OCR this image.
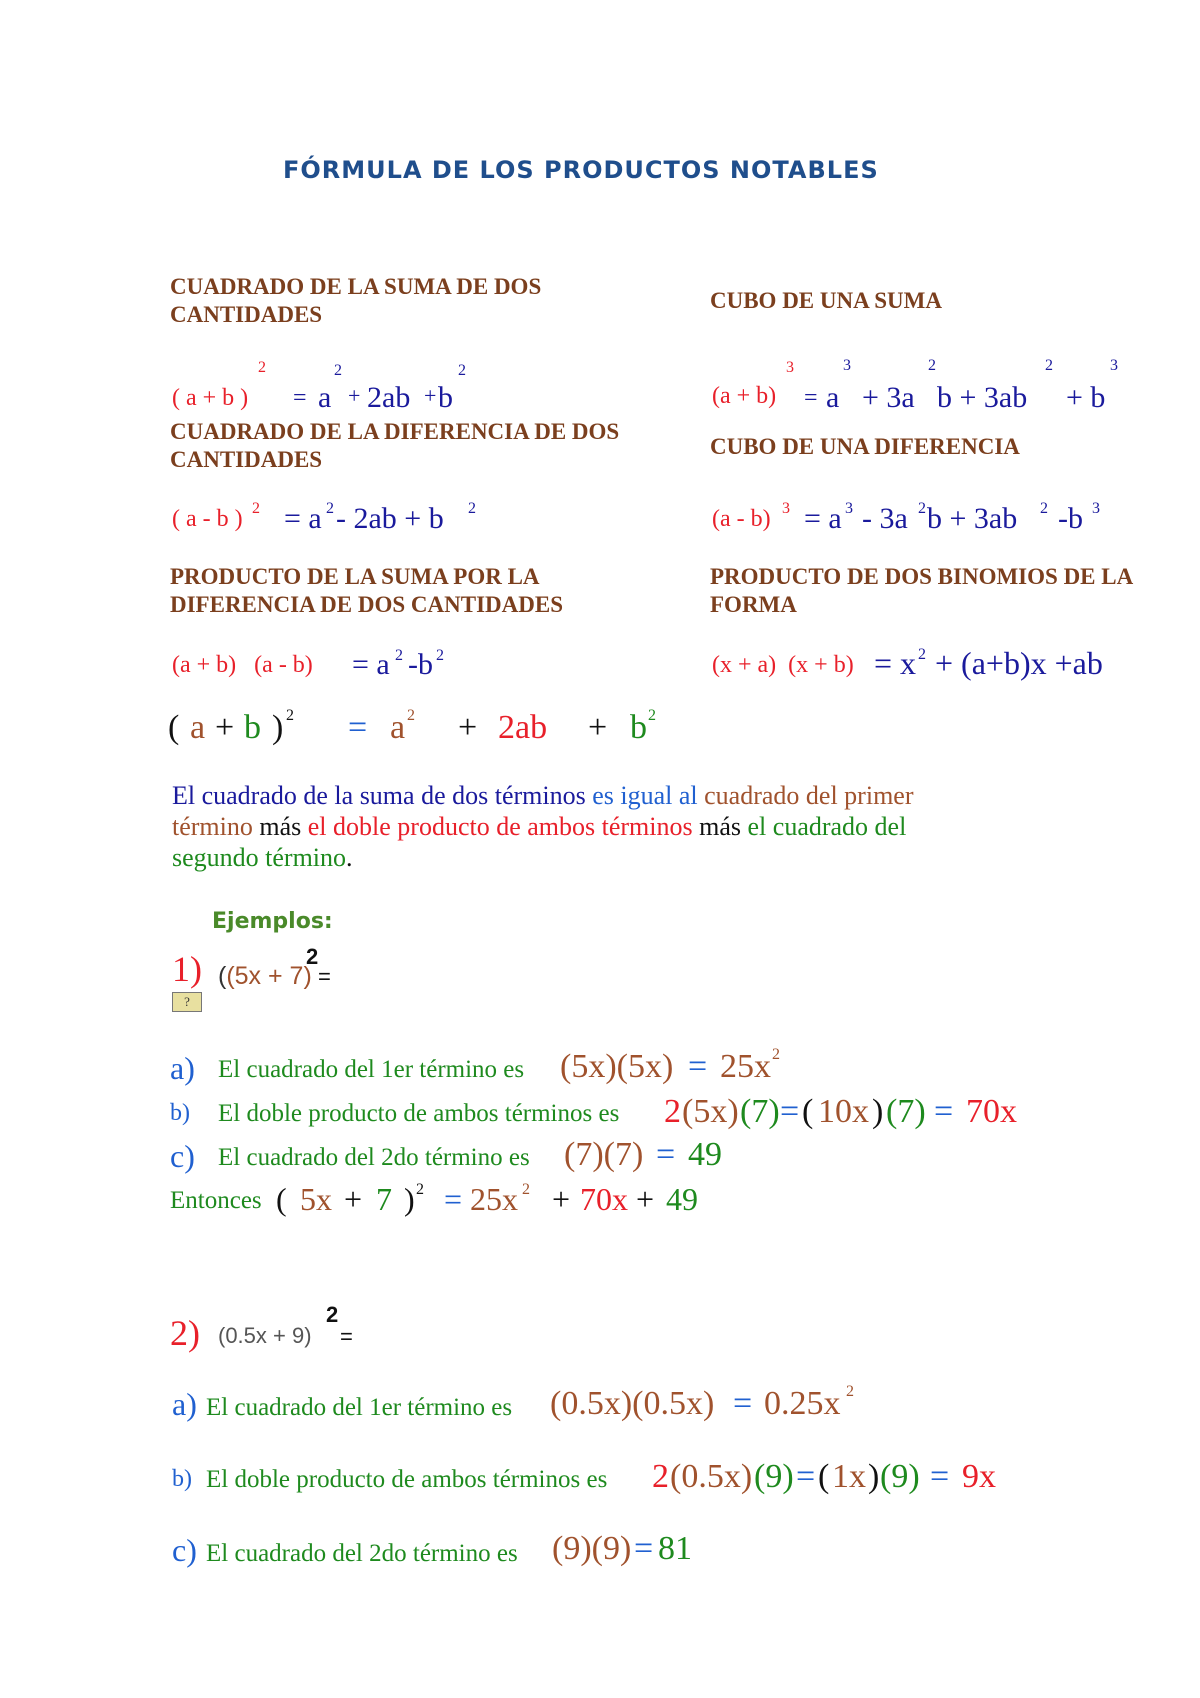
FÓRMULA DE LOS PRODUCTOS NOTABLES
CUADRADO DE LA SUMA DE DOS CANTIDADES
CUBO DE UNA SUMA
( a + b )
2
= a
2
+ 2ab + b
2
(a + b)
3
= a
3
+ 3a
2
b + 3ab
2
+ b
3
CUADRADO DE LA DIFERENCIA DE DOS CANTIDADES
CUBO DE UNA DIFERENCIA
( a - b ) 2 = a 2 - 2ab + b 2	(a - b) 3 = a 3 - 3a 2 b + 3ab 2 -b 3
PRODUCTO DE LA SUMA POR LA DIFERENCIA DE DOS CANTIDADES
PRODUCTO DE DOS BINOMIOS DE LA FORMA
(a + b)   (a - b) = a 2 -b 2	(x + a)  (x + b) = x 2 + (a+b)x +ab
( a + b ) 2 = a 2 + 2ab + b 2
El cuadrado de la suma de dos términos es igual al cuadrado del primer término más el doble producto de ambos términos más el cuadrado del segundo término.
Ejemplos:
1) ((5x + 7)
2
=
?
a) El cuadrado del 1er término es (5x)(5x) = 25x 2
b) El doble producto de ambos términos es 2 (5x) (7) = ( 10x ) (7) = 70x
c) El cuadrado del 2do término es (7)(7) = 49
Entonces ( 5x + 7 ) 2 = 25x 2 + 70x + 49
2) (0.5x + 9)
2
=
a) El cuadrado del 1er término es (0.5x)(0.5x) = 0.25x 2
b) El doble producto de ambos términos es 2 (0.5x) (9) = ( 1x ) (9) = 9x
c) El cuadrado del 2do término es (9)(9) = 81
